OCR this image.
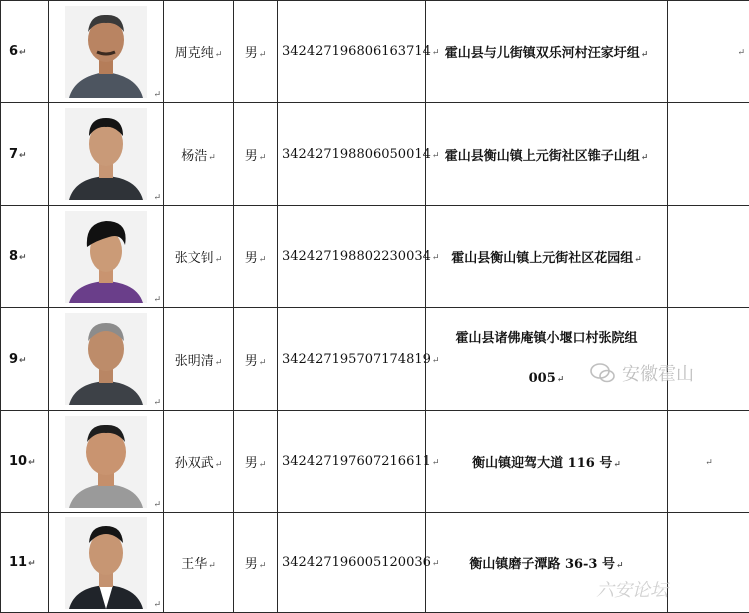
6↵	↵	周克纯↵	男↵	342427196806163714↵	霍山县与儿街镇双乐河村汪家圩组↵	↵
7↵	↵	杨浩↵	男↵	342427198806050014↵	霍山县衡山镇上元街社区锥子山组↵	
8↵	↵	张文钊↵	男↵	342427198802230034↵	霍山县衡山镇上元街社区花园组↵	
9↵	↵	张明清↵	男↵	342427195707174819↵	霍山县诸佛庵镇小堰口村张院组
005↵	

10↵	↵	孙双武↵	男↵	342427197607216611↵	衡山镇迎驾大道 116 号↵	↵
11↵	↵	王华↵	男↵	342427196005120036↵	衡山镇磨子潭路 36-3 号↵	
安徽霍山
六安论坛
